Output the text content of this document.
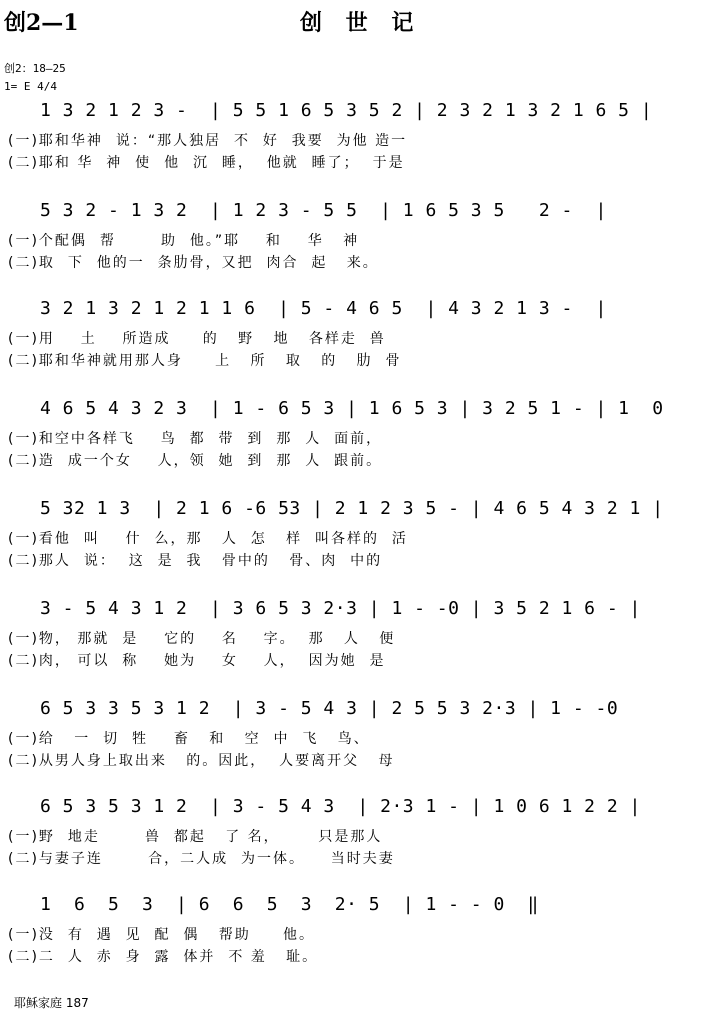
创2—1	创 世 记
创2：18—25
1= E 4/4
1 3 2 1 2 3 -  | 5 5 1 6 5 3 5 2 | 2 3 2 1 3 2 1 6 5 |
(一)耶和华神  说：“那人独居  不  好  我要  为他 造一
(二)耶和 华  神  使  他  沉  睡，  他就  睡了；  于是
5 3 2 - 1 3 2  | 1 2 3 - 5 5  | 1 6 5 3 5   2 -  |
(一)个配偶  帮       助  他。”耶    和    华   神
(二)取  下  他的一  条肋骨，又把  肉合  起   来。
3 2 1 3 2 1 2 1 1 6  | 5 - 4 6 5  | 4 3 2 1 3 -  |
(一)用    土    所造成     的   野   地   各样走  兽
(二)耶和华神就用那人身     上   所   取   的   肋  骨
4 6 5 4 3 2 3  | 1 - 6 5 3 | 1 6 5 3 | 3 2 5 1 - | 1  0
(一)和空中各样飞    鸟  都  带  到  那  人  面前，
(二)造  成一个女    人，领  她  到  那  人  跟前。
5 32 1 3  | 2 1 6 -6 53 | 2 1 2 3 5 - | 4 6 5 4 3 2 1 |
(一)看他  叫    什  么，那   人  怎   样  叫各样的  活
(二)那人  说：  这  是  我   骨中的   骨、肉  中的
3 - 5 4 3 1 2  | 3 6 5 3 2·3 | 1 - -0 | 3 5 2 1 6 - |
(一)物， 那就  是    它的    名    字。  那   人   便
(二)肉， 可以  称    她为    女    人，  因为她  是
6 5 3 3 5 3 1 2  | 3 - 5 4 3 | 2 5 5 3 2·3 | 1 - -0
(一)给   一  切  牲    畜   和   空  中  飞   鸟、
(二)从男人身上取出来   的。因此，  人要离开父   母
6 5 3 5 3 1 2  | 3 - 5 4 3  | 2·3 1 - | 1 0 6 1 2 2 |
(一)野  地走       兽  都起   了 名，      只是那人
(二)与妻子连       合，二人成  为一体。    当时夫妻
1  6  5  3  | 6  6  5  3  2· 5  | 1 - - 0  ‖
(一)没  有  遇  见  配  偶   帮助     他。
(二)二  人  赤  身  露  体并  不 羞   耻。
耶稣家庭 187
